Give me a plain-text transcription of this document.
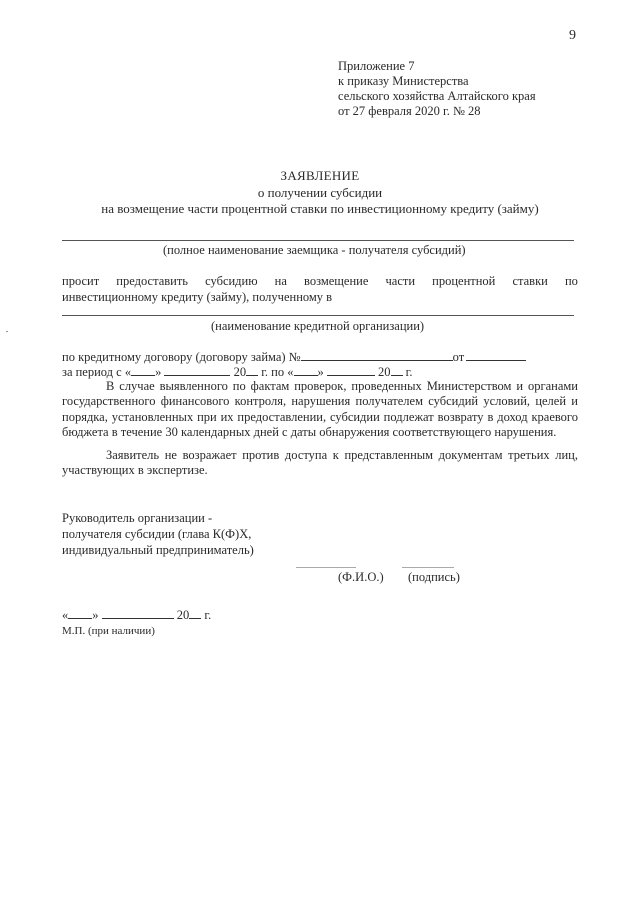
9
Приложение 7
к приказу Министерства
сельского хозяйства Алтайского края
от 27 февраля 2020 г. № 28
ЗАЯВЛЕНИЕ
о получении субсидии
на возмещение части процентной ставки по инвестиционному кредиту (займу)
(полное наименование заемщика - получателя субсидий)
просит предоставить субсидию на возмещение части процентной ставки по
инвестиционному кредиту (займу), полученному в
(наименование кредитной организации)
по кредитному договору (договору займа) №	от
за период с « »	20 г. по « »	20 г.
В случае выявленного по фактам проверок, проведенных Министерством и органами государственного финансового контроля, нарушения получателем субсидий условий, целей и порядка, установленных при их предоставлении, субсидии подлежат возврату в доход краевого бюджета в течение 30 календарных дней с даты обнаружения соответствующего нарушения.
Заявитель не возражает против доступа к представленным документам третьих лиц, участвующих в экспертизе.
Руководитель организации -
получателя субсидии (глава К(Ф)Х,
индивидуальный предприниматель)
(Ф.И.О.) (подпись)
« »	20 г.
М.П. (при наличии)
